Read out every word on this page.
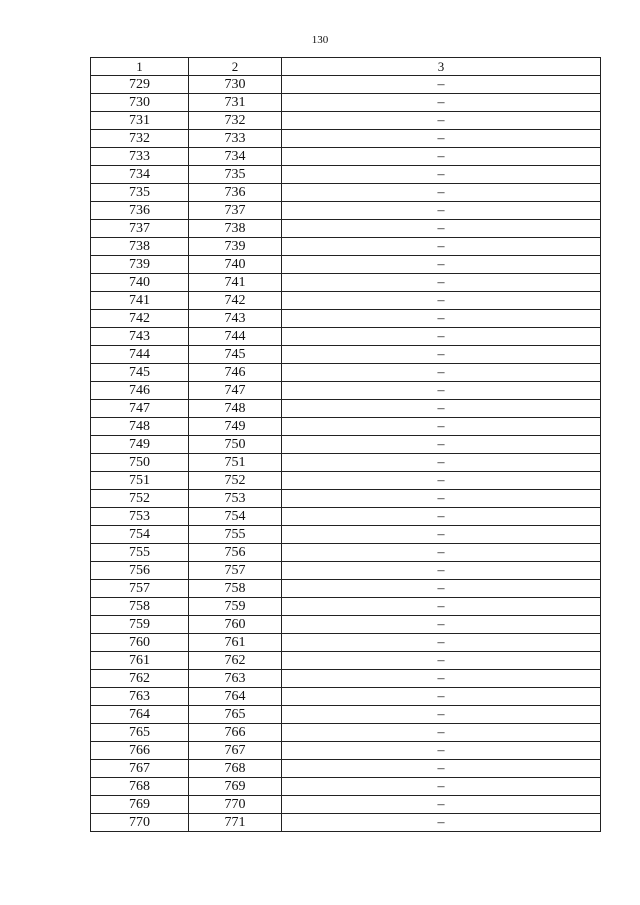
130
1	2	3
729	730	–
730	731	–
731	732	–
732	733	–
733	734	–
734	735	–
735	736	–
736	737	–
737	738	–
738	739	–
739	740	–
740	741	–
741	742	–
742	743	–
743	744	–
744	745	–
745	746	–
746	747	–
747	748	–
748	749	–
749	750	–
750	751	–
751	752	–
752	753	–
753	754	–
754	755	–
755	756	–
756	757	–
757	758	–
758	759	–
759	760	–
760	761	–
761	762	–
762	763	–
763	764	–
764	765	–
765	766	–
766	767	–
767	768	–
768	769	–
769	770	–
770	771	–
